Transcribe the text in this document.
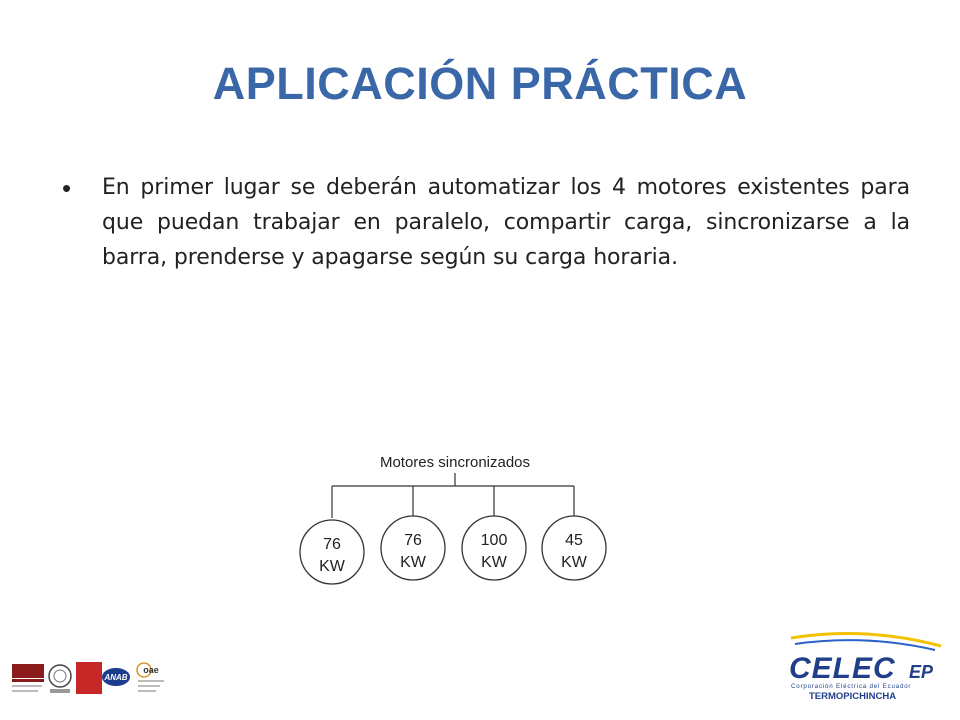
APLICACIÓN PRÁCTICA
•	En primer lugar se deberán automatizar los 4 motores existentes para que puedan trabajar en paralelo, compartir carga, sincronizarse a la barra, prenderse y apagarse según su carga horaria.
Motores sincronizados
76
KW
76
KW
100
KW
45
KW
ANAB
oae	CELEC EP
Corporación Eléctrica del Ecuador
TERMOPICHINCHA
